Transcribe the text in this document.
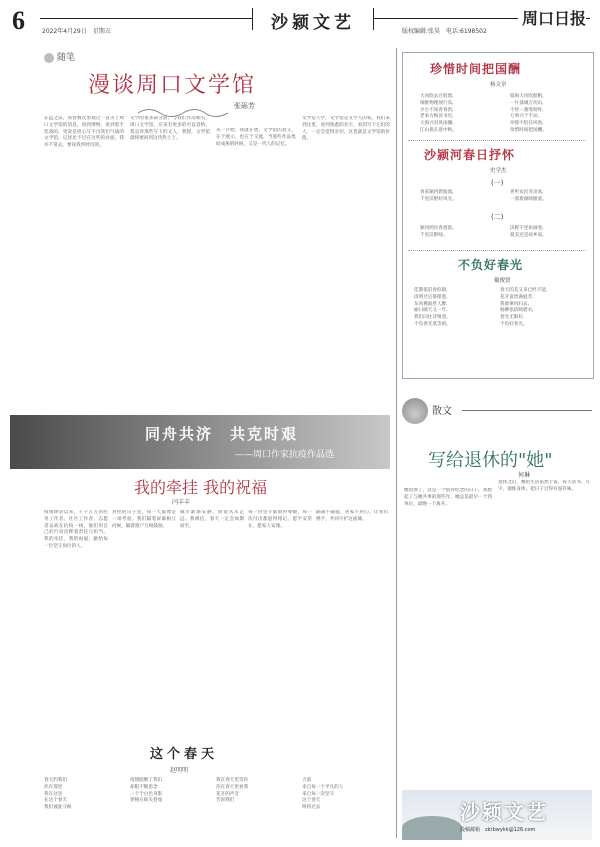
6	2022年4月29日　星期五	沙颍文艺	版权编辑:张昊　电话:6198502
周口日报
随笔
漫谈周口文学馆
张砾芳
在远之前，我曾数次参观过一直关于周口文学馆的消息，说到博物，说到着手装备的，更说是担心写不出我们气质的文学馆。记述比不过在这些的对面，我并不常去，要说我所经历的。
文学的很多部分前，与我们作品相关，周口文学馆，应该有更多的可以容纳。我是对那些写下的文人，我想，文学馆最终要回到这块热土上。
从一开始，我就在想，文学馆的意义，在于展示，也在于交流，当那些作品集结成册的时候，又是一代人的记忆。
文学是人学，文学馆是文学人的家，我们来到这里，看到熟悉的名字，看到写下它们的人，一定会觉得亲切，这也就是文学馆的价值。
珍惜时间把国酬
杨文章
大风吹去百般愁,
细推物理须行乐,
少小不知青春贵,
老来方悔读书迟,
大海兴对风雨骤,
江山犹在意中秋。
临海大风吹船帆,
一片孤城万仞山,
不经一番寒彻骨,
万事兴于不动,
冲锋不怕任风吹,
珍惜时间把国酬。
沙颍河春日抒怀
史学杰
(一)
春来颍河碧波流,
千里沃野好风光。
喜听农民笑语欢,
一派新颜映眼底。
(二)
颍河两岸春意浓,
千里沃野绿。
沃野千里如画卷,
最美还是故乡家。
不负好春光
戴俊贤
佳期依旧春似锦,
清明过后郁郁葱,
东风拂面惹人醉,
丽日晴天又一年,
我们向往诗情意,
不负春光莫等闲。
春天的美又来已经不能,
花开富贵满庭芳,
我欲乘风归去,
杨柳依依映碧水,
春光无限好,
不负好春光。
散文
写给退休的"她"
何琳
她退休了，这是一个值得纪念的日子。我想起了与她共事的那些年，她总是最早一个到单位，最晚一个离开。
退休之后，她的生活依然丰富，每天读书、写字、锻炼身体，把日子过得有滋有味。
同舟共济　共克时艰
——周口作家抗疫作品选
我的牵挂 我的祝福
闫丰丰
疫情肆虐以来，千千万万的医务工作者、社区工作者、志愿者奋战在抗疫一线，他们用自己的行动诠释着责任与担当。我的牵挂，我的祝福，献给每一位坚守岗位的人。
封控的日子里，每一天都像是一场考验。我们隔着屏幕相互问候，隔着窗户互相鼓励。
城市渐渐安静，而爱从未走远。我相信，春天一定会如期而至。
每一份坚守都值得尊敬，每一次付出都值得铭记。愿平安常在，愿家人安康。
隔离不隔爱，居家不居心。让我们携手，共同守护这座城。
这个春天
赵明明
春天约我们
你在那里
我在这里
在这个春天
我们彼此守候
疫情阻断了我们
却阻不断思念
一个个白色身影
穿梭在街头巷尾
我在春天里等你
你在春天里看我
花开的声音
告诉我们
力量
来自每一个平凡的人
来自每一次坚守
这个春天
终将过去	沙颍文艺
投稿邮箱　zkrbwykk@126.com
